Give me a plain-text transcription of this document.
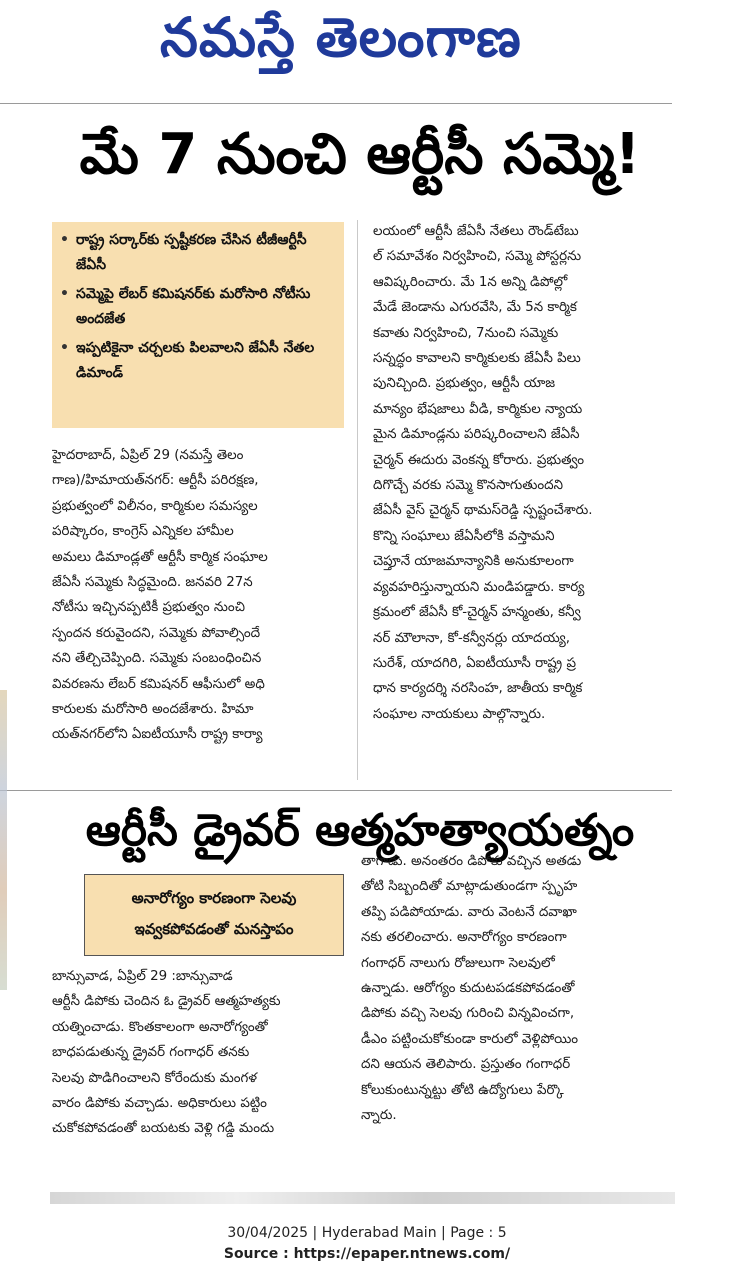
నమస్తే తెలంగాణ
మే 7 నుంచి ఆర్టీసీ సమ్మె!
• రాష్ట్ర సర్కార్‌కు స్పష్టీకరణ చేసిన టీజీఆర్టీసీ జేఏసీ
• సమ్మెపై లేబర్ కమిషనర్‌కు మరోసారి నోటీసు అందజేత
• ఇప్పటికైనా చర్చలకు పిలవాలని జేఏసీ నేతల డిమాండ్

హైదరాబాద్, ఏప్రిల్ 29 (నమస్తే తెలం

గాణ)/హిమాయత్‌నగర్: ఆర్టీసీ పరిరక్షణ,

ప్రభుత్వంలో విలీనం, కార్మికుల సమస్యల

పరిష్కారం, కాంగ్రెస్ ఎన్నికల హామీల

అమలు డిమాండ్లతో ఆర్టీసీ కార్మిక సంఘాల

జేఏసీ సమ్మెకు సిద్ధమైంది. జనవరి 27న

నోటీసు ఇచ్చినప్పటికీ ప్రభుత్వం నుంచి

స్పందన కరువైందని, సమ్మెకు పోవాల్సిందే

నని తేల్చిచెప్పింది. సమ్మెకు సంబంధించిన

వివరణను లేబర్ కమిషనర్ ఆఫీసులో అధి

కారులకు మరోసారి అందజేశారు. హిమా

యత్‌నగర్‌లోని ఏఐటీయూసీ రాష్ట్ర కార్యా

లయంలో ఆర్టీసీ జేఏసీ నేతలు రౌండ్‌టేబు

ల్ సమావేశం నిర్వహించి, సమ్మె పోస్టర్లను

ఆవిష్కరించారు. మే 1న అన్ని డిపోల్లో

మేడే జెండాను ఎగురవేసి, మే 5న కార్మిక

కవాతు నిర్వహించి, 7నుంచి సమ్మెకు

సన్నద్ధం కావాలని కార్మికులకు జేఏసీ పిలు

పునిచ్చింది. ప్రభుత్వం, ఆర్టీసీ యాజ

మాన్యం భేషజాలు వీడి, కార్మికుల న్యాయ

మైన డిమాండ్లను పరిష్కరించాలని జేఏసీ

చైర్మన్ ఈదురు వెంకన్న కోరారు. ప్రభుత్వం

దిగొచ్చే వరకు సమ్మె కొనసాగుతుందని

జేఏసీ వైస్ చైర్మన్ థామస్‌రెడ్డి స్పష్టంచేశారు.

కొన్ని సంఘాలు జేఏసీలోకి వస్తామని

చెప్తూనే యాజమాన్యానికి అనుకూలంగా

వ్యవహరిస్తున్నాయని మండిపడ్డారు. కార్య

క్రమంలో జేఏసీ కో-చైర్మన్ హన్మంతు, కన్వీ

నర్ మౌలానా, కో-కన్వీనర్లు యాదయ్య,

సురేశ్, యాదగిరి, ఏఐటీయూసీ రాష్ట్ర ప్ర

ధాన కార్యదర్శి నరసింహ, జాతీయ కార్మిక

సంఘాల నాయకులు పాల్గొన్నారు.

ఆర్టీసీ డ్రైవర్ ఆత్మహత్యాయత్నం
అనారోగ్యం కారణంగా సెలవు
ఇవ్వకపోవడంతో మనస్తాపం

బాన్సువాడ, ఏప్రిల్ 29 :బాన్సువాడ

ఆర్టీసీ డిపోకు చెందిన ఓ డ్రైవర్ ఆత్మహత్యకు

యత్నించాడు. కొంతకాలంగా అనారోగ్యంతో

బాధపడుతున్న డ్రైవర్ గంగాధర్ తనకు

సెలవు పొడిగించాలని కోరేందుకు మంగళ

వారం డిపోకు వచ్చాడు. అధికారులు పట్టిం

చుకోకపోవడంతో బయటకు వెళ్లి గడ్డి మందు

తాగాడు. అనంతరం డిపోకు వచ్చిన అతడు

తోటి సిబ్బందితో మాట్లాడుతుండగా స్పృహ

తప్పి పడిపోయాడు. వారు వెంటనే దవాఖా

నకు తరలించారు. అనారోగ్యం కారణంగా

గంగాధర్ నాలుగు రోజులుగా సెలవులో

ఉన్నాడు. ఆరోగ్యం కుదుటపడకపోవడంతో

డిపోకు వచ్చి సెలవు గురించి విన్నవించగా,

డీఎం పట్టించుకోకుండా కారులో వెళ్లిపోయిం

దని ఆయన తెలిపారు. ప్రస్తుతం గంగాధర్

కోలుకుంటున్నట్టు తోటి ఉద్యోగులు పేర్కొ

న్నారు.

30/04/2025 | Hyderabad Main | Page : 5
Source : https://epaper.ntnews.com/
